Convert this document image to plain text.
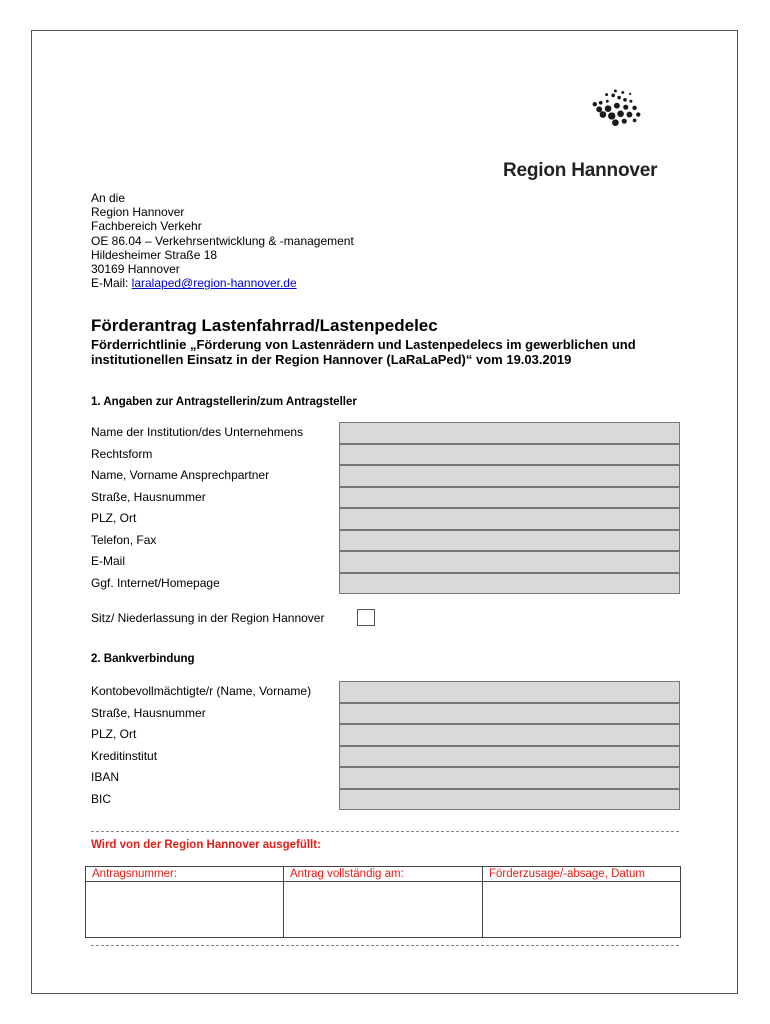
Region Hannover
An die
Region Hannover
Fachbereich Verkehr
OE 86.04 – Verkehrsentwicklung & -management
Hildesheimer Straße 18
30169 Hannover
E-Mail: laralaped@region-hannover.de
Förderantrag Lastenfahrrad/Lastenpedelec
Förderrichtlinie „Förderung von Lastenrädern und Lastenpedelecs im gewerblichen und institutionellen Einsatz in der Region Hannover (LaRaLaPed)“ vom 19.03.2019
1. Angaben zur Antragstellerin/zum Antragsteller
Name der Institution/des Unternehmens
Rechtsform
Name, Vorname Ansprechpartner
Straße, Hausnummer
PLZ, Ort
Telefon, Fax
E-Mail
Ggf. Internet/Homepage
Sitz/ Niederlassung in der Region Hannover
2. Bankverbindung
Kontobevollmächtigte/r (Name, Vorname)
Straße, Hausnummer
PLZ, Ort
Kreditinstitut
IBAN
BIC
Wird von der Region Hannover ausgefüllt:
Antragsnummer:	Antrag vollständig am:	Förderzusage/-absage, Datum
